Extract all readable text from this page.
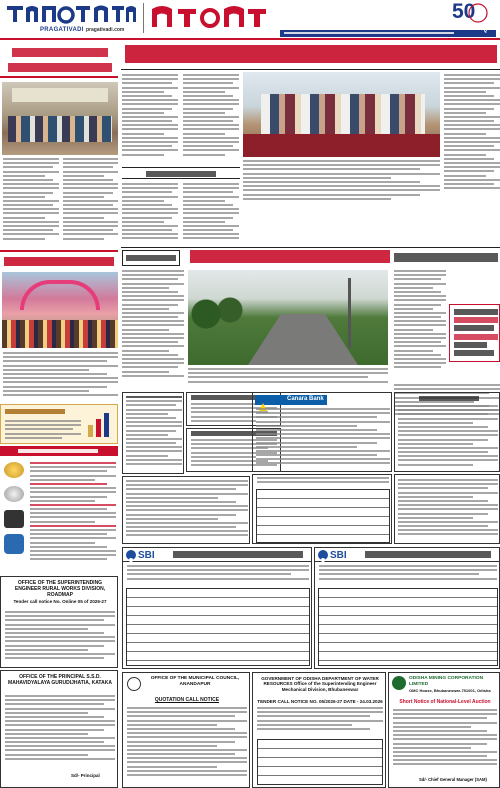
PRAGATIVADI pragativadi.com
50
୧
Canara Bank
SBI	SBI
OFFICE OF THE SUPERINTENDING ENGINEER RURAL WORKS DIVISION, ROADMAP
Tender call notice No. Online 05 of 2026-27
OFFICE OF THE PRINCIPAL S.S.D. MAHAVIDYALAYA GURUDIJHATIA, KATAKA
Sd/- Principal
OFFICE OF THE MUNICIPAL COUNCIL, ANANDAPUR
QUOTATION CALL NOTICE
GOVERNMENT OF ODISHA DEPARTMENT OF WATER RESOURCES Office of the Superintending Engineer Mechanical Division, Bhubaneswar
TENDER CALL NOTICE NO. 05/2026-27 DATE - 24.03.2026
ODISHA MINING CORPORATION LIMITED
OMC House, Bhubaneswar-751001, Odisha
Short Notice of National-Level Auction
Sd/- Chief General Manager (SAM)
